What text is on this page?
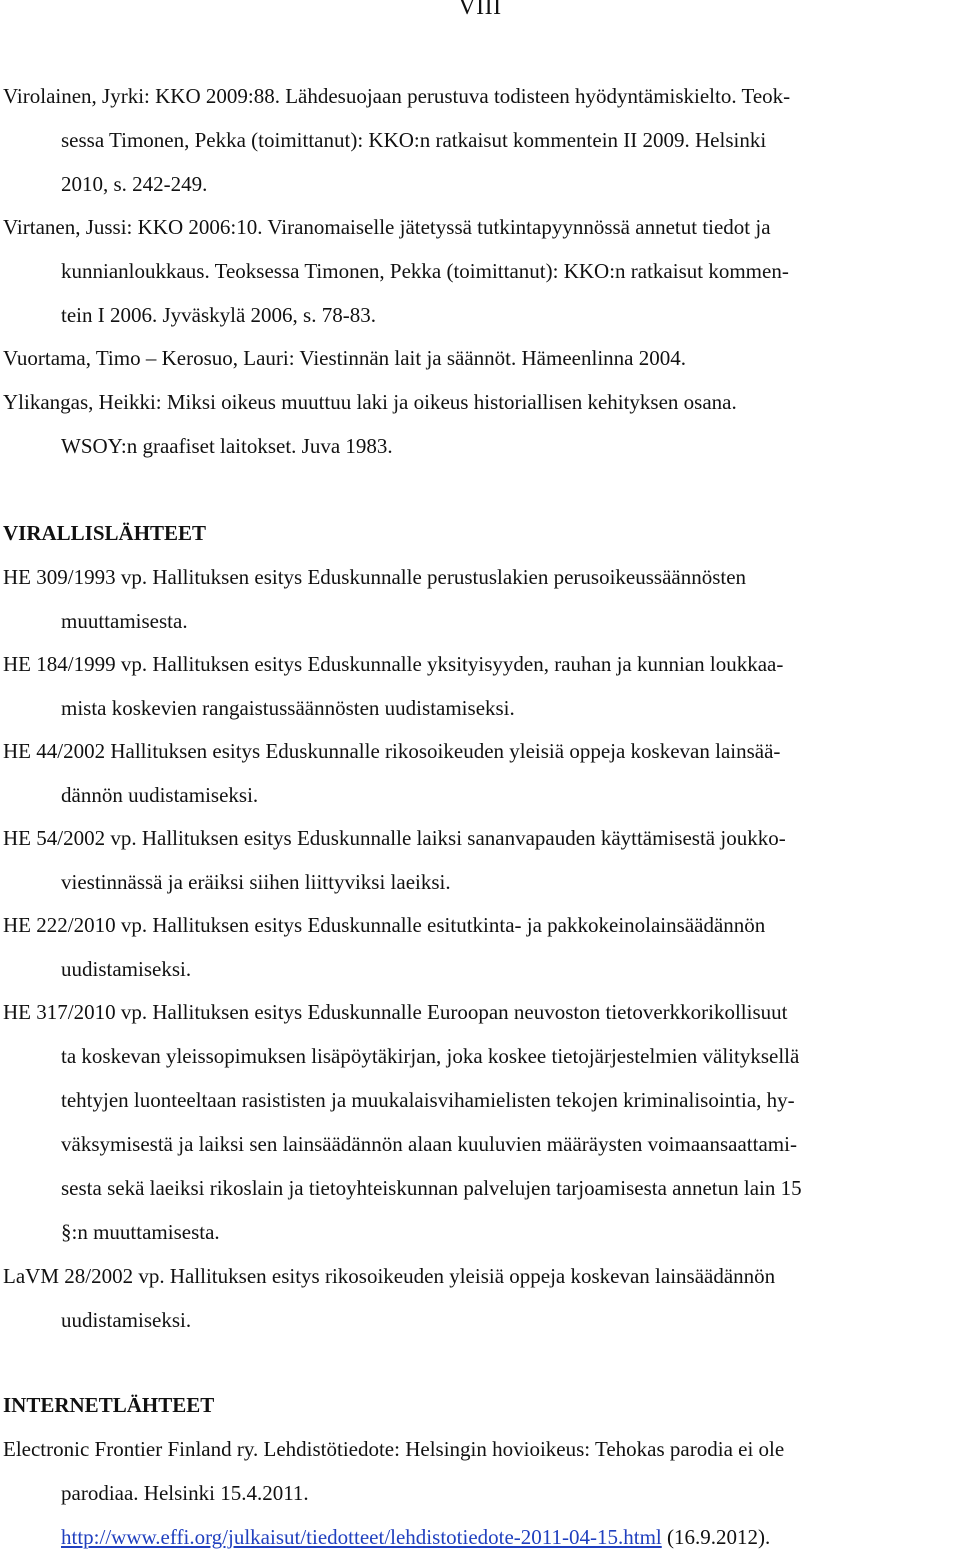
VIII
Virolainen, Jyrki: KKO 2009:88. Lähdesuojaan perustuva todisteen hyödyntämiskielto. Teok-
sessa Timonen, Pekka (toimittanut): KKO:n ratkaisut kommentein II 2009. Helsinki
2010, s. 242-249.
Virtanen, Jussi: KKO 2006:10. Viranomaiselle jätetyssä tutkintapyynnössä annetut tiedot ja
kunnianloukkaus. Teoksessa Timonen, Pekka (toimittanut): KKO:n ratkaisut kommen-
tein I 2006. Jyväskylä 2006, s. 78-83.
Vuortama, Timo – Kerosuo, Lauri: Viestinnän lait ja säännöt. Hämeenlinna 2004.
Ylikangas, Heikki: Miksi oikeus muuttuu laki ja oikeus historiallisen kehityksen osana.
WSOY:n graafiset laitokset. Juva 1983.
VIRALLISLÄHTEET
HE 309/1993 vp. Hallituksen esitys Eduskunnalle perustuslakien perusoikeussäännösten
muuttamisesta.
HE 184/1999 vp. Hallituksen esitys Eduskunnalle yksityisyyden, rauhan ja kunnian loukkaa-
mista koskevien rangaistussäännösten uudistamiseksi.
HE 44/2002 Hallituksen esitys Eduskunnalle rikosoikeuden yleisiä oppeja koskevan lainsää-
dännön uudistamiseksi.
HE 54/2002 vp. Hallituksen esitys Eduskunnalle laiksi sananvapauden käyttämisestä joukko-
viestinnässä ja eräiksi siihen liittyviksi laeiksi.
HE 222/2010 vp. Hallituksen esitys Eduskunnalle esitutkinta- ja pakkokeinolainsäädännön
uudistamiseksi.
HE 317/2010 vp. Hallituksen esitys Eduskunnalle Euroopan neuvoston tietoverkkorikollisuut
ta koskevan yleissopimuksen lisäpöytäkirjan, joka koskee tietojärjestelmien välityksellä
tehtyjen luonteeltaan rasististen ja muukalaisvihamielisten tekojen kriminalisointia, hy-
väksymisestä ja laiksi sen lainsäädännön alaan kuuluvien määräysten voimaansaattami-
sesta sekä laeiksi rikoslain ja tietoyhteiskunnan palvelujen tarjoamisesta annetun lain 15
§:n muuttamisesta.
LaVM 28/2002 vp. Hallituksen esitys rikosoikeuden yleisiä oppeja koskevan lainsäädännön
uudistamiseksi.
INTERNETLÄHTEET
Electronic Frontier Finland ry. Lehdistötiedote: Helsingin hovioikeus: Tehokas parodia ei ole
parodiaa. Helsinki 15.4.2011.
http://www.effi.org/julkaisut/tiedotteet/lehdistotiedote-2011-04-15.html (16.9.2012).
